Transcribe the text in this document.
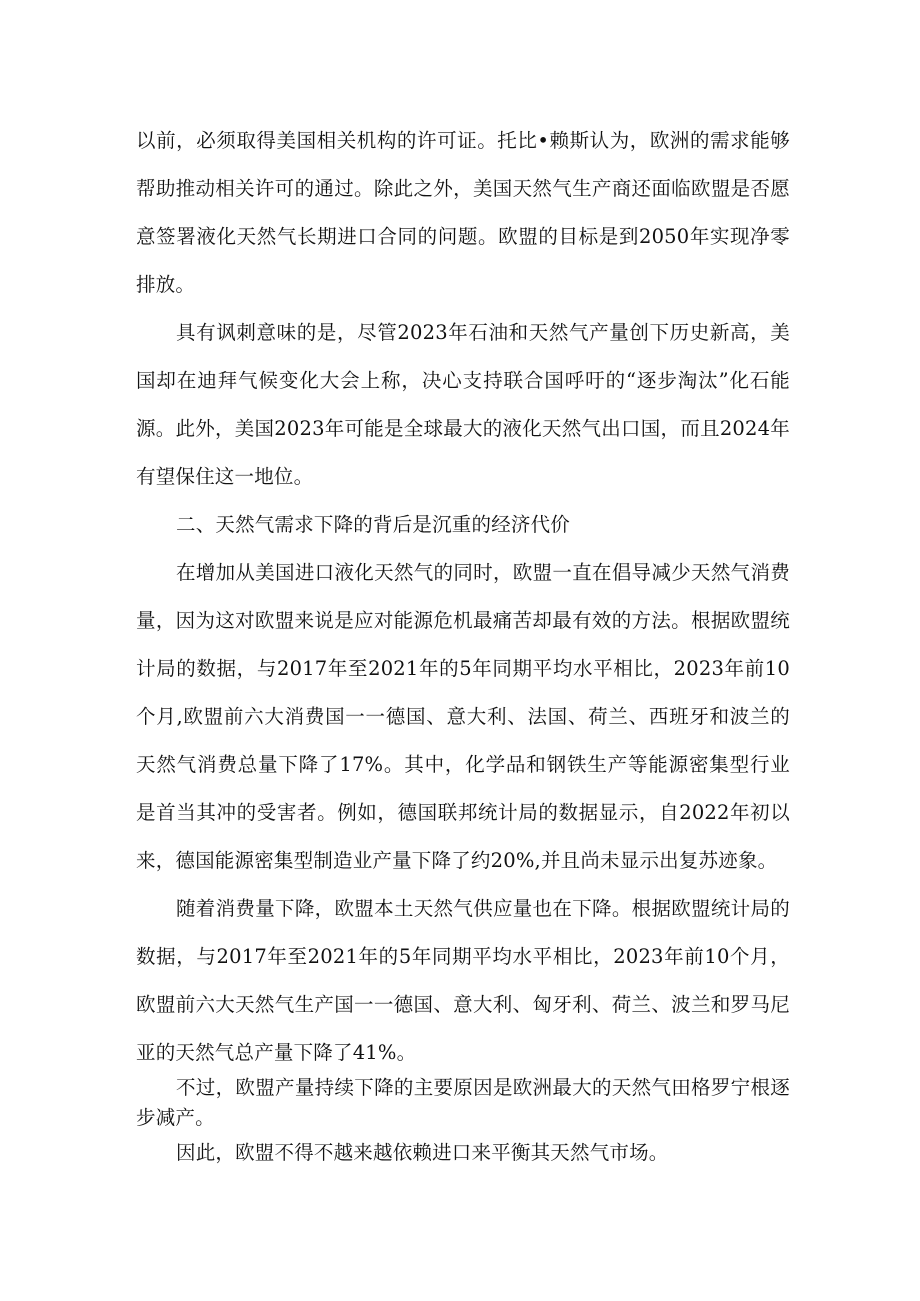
以前，必须取得美国相关机构的许可证。托比•赖斯认为，欧洲的需求能够帮助推动相关许可的通过。除此之外，美国天然气生产商还面临欧盟是否愿意签署液化天然气长期进口合同的问题。欧盟的目标是到2050年实现净零排放。

具有讽刺意味的是，尽管2023年石油和天然气产量创下历史新高，美国却在迪拜气候变化大会上称，决心支持联合国呼吁的“逐步淘汰”化石能源。此外，美国2023年可能是全球最大的液化天然气出口国，而且2024年有望保住这一地位。

二、天然气需求下降的背后是沉重的经济代价

在增加从美国进口液化天然气的同时，欧盟一直在倡导减少天然气消费量，因为这对欧盟来说是应对能源危机最痛苦却最有效的方法。根据欧盟统计局的数据，与2017年至2021年的5年同期平均水平相比，2023年前10个月,欧盟前六大消费国一一德国、意大利、法国、荷兰、西班牙和波兰的天然气消费总量下降了17%。其中，化学品和钢铁生产等能源密集型行业是首当其冲的受害者。例如，德国联邦统计局的数据显示，自2022年初以来，德国能源密集型制造业产量下降了约20%,并且尚未显示出复苏迹象。

随着消费量下降，欧盟本土天然气供应量也在下降。根据欧盟统计局的数据，与2017年至2021年的5年同期平均水平相比，2023年前10个月，欧盟前六大天然气生产国一一德国、意大利、匈牙利、荷兰、波兰和罗马尼亚的天然气总产量下降了41%。

不过，欧盟产量持续下降的主要原因是欧洲最大的天然气田格罗宁根逐步减产。

因此，欧盟不得不越来越依赖进口来平衡其天然气市场。
